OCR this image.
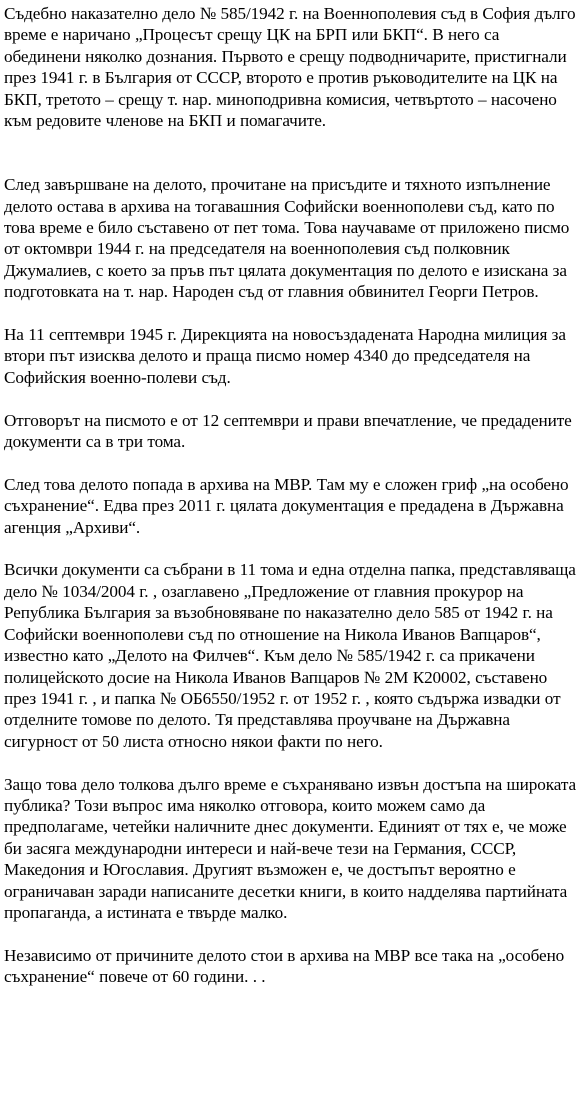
Съдебно наказателно дело № 585/1942 г. на Военнополевия съд в София дълго време е наричано „Процесът срещу ЦК на БРП или БКП“. В него са обединени няколко дознания. Първото е срещу подводничарите, пристигнали през 1941 г. в България от СССР, второто е против ръководителите на ЦК на БКП, третото – срещу т. нар. миноподривна комисия, четвъртото – насочено към редовите членове на БКП и помагачите.

След завършване на делото, прочитане на присъдите и тяхното изпълнение делото остава в архива на тогавашния Софийски военнополеви съд, като по това време е било съставено от пет тома. Това научаваме от приложено писмо от октомври 1944 г. на председателя на военнополевия съд полковник Джумалиев, с което за пръв път цялата документация по делото е изискана за подготовката на т. нар. Народен съд от главния обвинител Георги Петров.

На 11 септември 1945 г. Дирекцията на новосъздадената Народна милиция за втори път изисква делото и праща писмо номер 4340 до председателя на Софийския военно-полеви съд.

Отговорът на писмото е от 12 септември и прави впечатление, че предадените документи са в три тома.

След това делото попада в архива на МВР. Там му е сложен гриф „на особено съхранение“. Едва през 2011 г. цялата документация е предадена в Държавна агенция „Архиви“.

Всички документи са събрани в 11 тома и една отделна папка, представляваща дело № 1034/2004 г. , озаглавено „Предложение от главния прокурор на Република България за възобновяване по наказателно дело 585 от 1942 г. на Софийски военнополеви съд по отношение на Никола Иванов Вапцаров“, известно като „Делото на Филчев“. Към дело № 585/1942 г. са прикачени полицейското досие на Никола Иванов Вапцаров № 2М К20002, съставено през 1941 г. , и папка № ОБ6550/1952 г. от 1952 г. , която съдържа извадки от отделните томове по делото. Тя представлява проучване на Държавна сигурност от 50 листа относно някои факти по него.

Защо това дело толкова дълго време е съхранявано извън достъпа на широката публика? Този въпрос има няколко отговора, които можем само да предполагаме, четейки наличните днес документи. Единият от тях е, че може би засяга международни интереси и най-вече тези на Германия, СССР, Македония и Югославия. Другият възможен е, че достъпът вероятно е ограничаван заради написаните десетки книги, в които надделява партийната пропаганда, а истината е твърде малко.

Независимо от причините делото стои в архива на МВР все така на „особено съхранение“ повече от 60 години. . .
